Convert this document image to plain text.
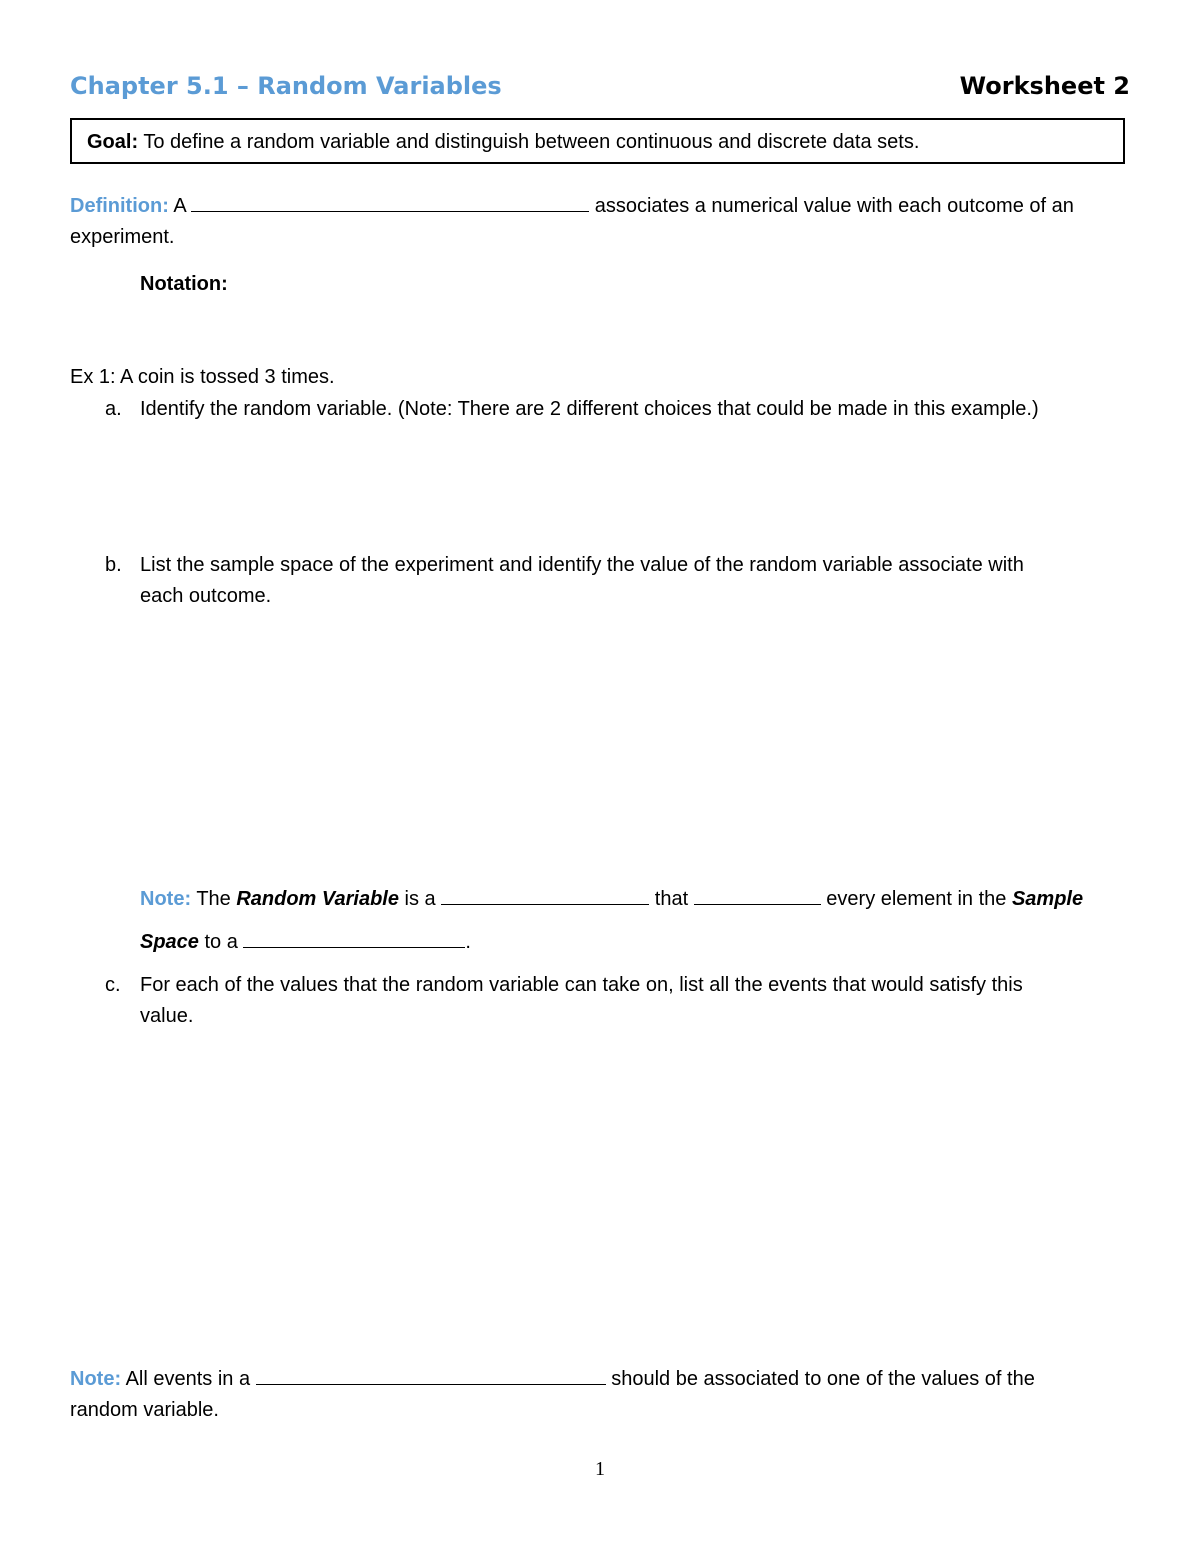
Chapter 5.1 – Random Variables	Worksheet 2
Goal: To define a random variable and distinguish between continuous and discrete data sets.
Definition: A	associates a numerical value with each outcome of an
experiment.
Notation:
Ex 1: A coin is tossed 3 times.
a. Identify the random variable. (Note: There are 2 different choices that could be made in this example.)
b. List the sample space of the experiment and identify the value of the random variable associate with
each outcome.
Note: The Random Variable is a	that	every element in the Sample
Space to a	.
c. For each of the values that the random variable can take on, list all the events that would satisfy this
value.
Note: All events in a	should be associated to one of the values of the
random variable.
1
